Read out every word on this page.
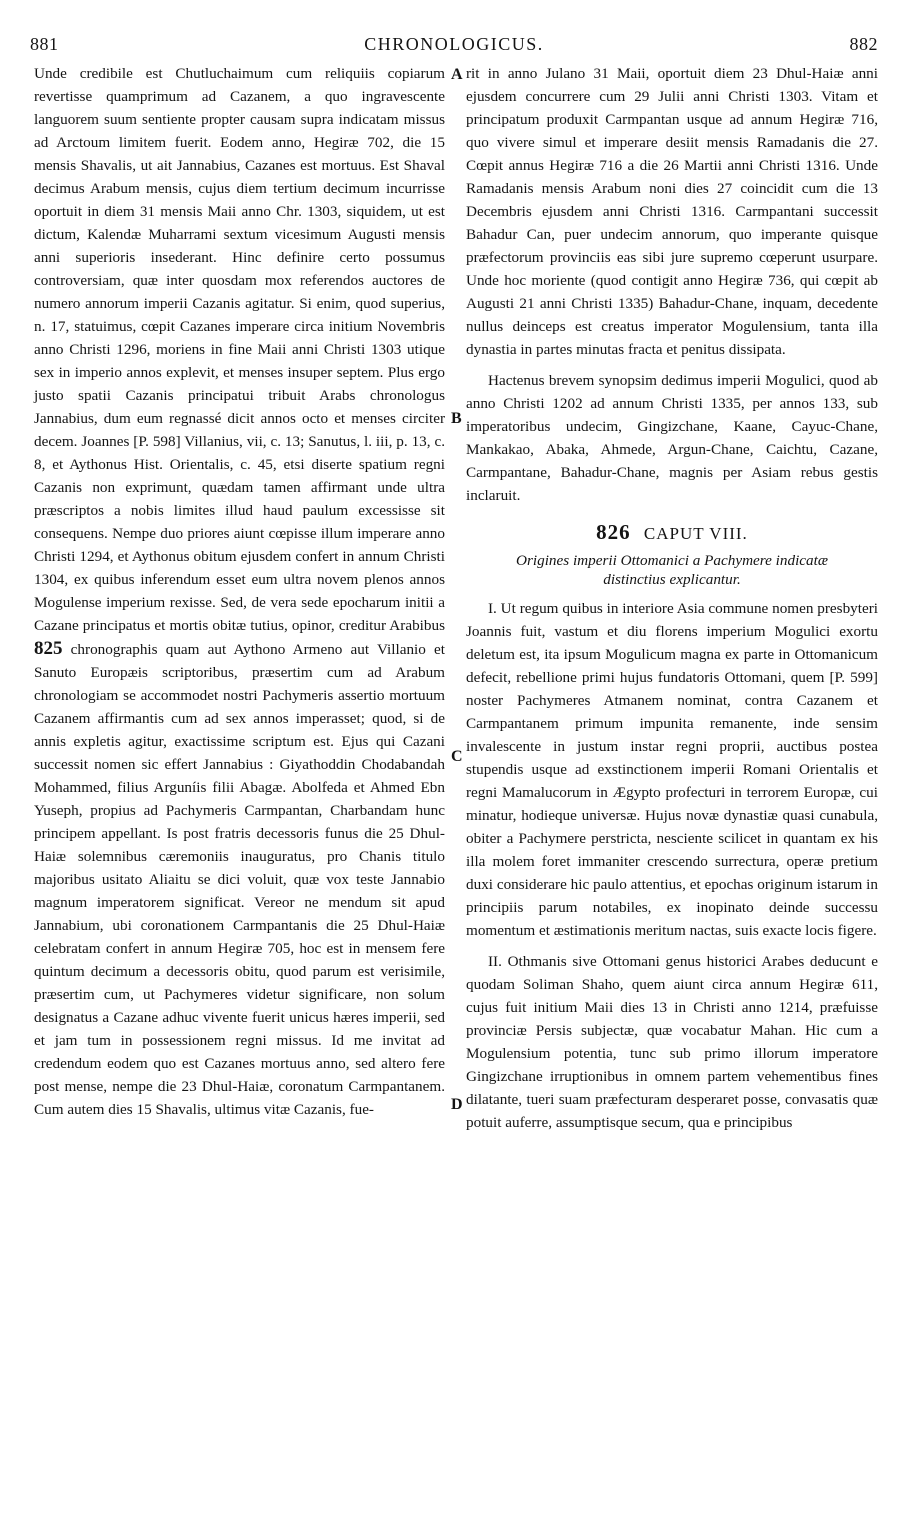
881	CHRONOLOGICUS.	882
A
B
C
D

Unde credibile est Chutluchaimum cum reliquiis copiarum revertisse quamprimum ad Cazanem, a quo ingravescente languorem suum sentiente propter causam supra indicatam missus ad Arctoum limitem fuerit. Eodem anno, Hegiræ 702, die 15 mensis Shavalis, ut ait Jannabius, Cazanes est mortuus. Est Shaval decimus Arabum mensis, cujus diem tertium decimum incurrisse oportuit in diem 31 mensis Maii anno Chr. 1303, siquidem, ut est dictum, Kalendæ Muharrami sextum vicesimum Augusti mensis anni superioris insederant. Hinc definire certo possumus controversiam, quæ inter quosdam mox referendos auctores de numero annorum imperii Cazanis agitatur. Si enim, quod superius, n. 17, statuimus, cœpit Cazanes imperare circa initium Novembris anno Christi 1296, moriens in fine Maii anni Christi 1303 utique sex in imperio annos explevit, et menses insuper septem. Plus ergo justo spatii Cazanis principatui tribuit Arabs chronologus Jannabius, dum eum regnassé dicit annos octo et menses circiter decem. Joannes [P. 598] Villanius, vii, c. 13; Sanutus, l. iii, p. 13, c. 8, et Aythonus Hist. Orientalis, c. 45, etsi diserte spatium regni Cazanis non exprimunt, quædam tamen affirmant unde ultra præscriptos a nobis limites illud haud paulum excessisse sit consequens. Nempe duo priores aiunt cœpisse illum imperare anno Christi 1294, et Aythonus obitum ejusdem confert in annum Christi 1304, ex quibus inferendum esset eum ultra novem plenos annos Mogulense imperium rexisse. Sed, de vera sede epocharum initii a Cazane principatus et mortis obitæ tutius, opinor, creditur Arabibus 825 chronographis quam aut Aythono Armeno aut Villanio et Sanuto Europæis scriptoribus, præsertim cum ad Arabum chronologiam se accommodet nostri Pachymeris assertio mortuum Cazanem affirmantis cum ad sex annos imperasset; quod, si de annis expletis agitur, exactissime scriptum est. Ejus qui Cazani successit nomen sic effert Jannabius : Giyathoddin Chodabandah Mohammed, filius Arguníis filii Abagæ. Abolfeda et Ahmed Ebn Yuseph, propius ad Pachymeris Carmpantan, Charbandam hunc principem appellant. Is post fratris decessoris funus die 25 Dhul-Haiæ solemnibus cæremoniis inauguratus, pro Chanis titulo majoribus usitato Aliaitu se dici voluit, quæ vox teste Jannabio magnum imperatorem significat. Vereor ne mendum sit apud Jannabium, ubi coronationem Carmpantanis die 25 Dhul-Haiæ celebratam confert in annum Hegiræ 705, hoc est in mensem fere quintum decimum a decessoris obitu, quod parum est verisimile, præsertim cum, ut Pachymeres videtur significare, non solum designatus a Cazane adhuc vivente fuerit unicus hæres imperii, sed et jam tum in possessionem regni missus. Id me invitat ad credendum eodem quo est Cazanes mortuus anno, sed altero fere post mense, nempe die 23 Dhul-Haiæ, coronatum Carmpantanem. Cum autem dies 15 Shavalis, ultimus vitæ Cazanis, fue-

rit in anno Julano 31 Maii, oportuit diem 23 Dhul-Haiæ anni ejusdem concurrere cum 29 Julii anni Christi 1303. Vitam et principatum produxit Carmpantan usque ad annum Hegiræ 716, quo vivere simul et imperare desiit mensis Ramadanis die 27. Cœpit annus Hegiræ 716 a die 26 Martii anni Christi 1316. Unde Ramadanis mensis Arabum noni dies 27 coincidit cum die 13 Decembris ejusdem anni Christi 1316. Carmpantani successit Bahadur Can, puer undecim annorum, quo imperante quisque præfectorum provinciis eas sibi jure supremo cœperunt usurpare. Unde hoc moriente (quod contigit anno Hegiræ 736, qui cœpit ab Augusti 21 anni Christi 1335) Bahadur-Chane, inquam, decedente nullus deinceps est creatus imperator Mogulensium, tanta illa dynastia in partes minutas fracta et penitus dissipata.

Hactenus brevem synopsim dedimus imperii Mogulici, quod ab anno Christi 1202 ad annum Christi 1335, per annos 133, sub imperatoribus undecim, Gingizchane, Kaane, Cayuc-Chane, Mankakao, Abaka, Ahmede, Argun-Chane, Caichtu, Cazane, Carmpantane, Bahadur-Chane, magnis per Asiam rebus gestis inclaruit.

826 CAPUT VIII.
Origines imperii Ottomanici a Pachymere indicatæ distinctius explicantur.

I. Ut regum quibus in interiore Asia commune nomen presbyteri Joannis fuit, vastum et diu florens imperium Mogulici exortu deletum est, ita ipsum Mogulicum magna ex parte in Ottomanicum defecit, rebellione primi hujus fundatoris Ottomani, quem [P. 599] noster Pachymeres Atmanem nominat, contra Cazanem et Carmpantanem primum impunita remanente, inde sensim invalescente in justum instar regni proprii, auctibus postea stupendis usque ad exstinctionem imperii Romani Orientalis et regni Mamalucorum in Ægypto profecturi in terrorem Europæ, cui minatur, hodieque universæ. Hujus novæ dynastiæ quasi cunabula, obiter a Pachymere perstricta, nesciente scilicet in quantam ex his illa molem foret immaniter crescendo surrectura, operæ pretium duxi considerare hic paulo attentius, et epochas originum istarum in principiis parum notabiles, ex inopinato deinde successu momentum et æstimationis meritum nactas, suis exacte locis figere.

II. Othmanis sive Ottomani genus historici Arabes deducunt e quodam Soliman Shaho, quem aiunt circa annum Hegiræ 611, cujus fuit initium Maii dies 13 in Christi anno 1214, præfuisse provinciæ Persis subjectæ, quæ vocabatur Mahan. Hic cum a Mogulensium potentia, tunc sub primo illorum imperatore Gingizchane irruptionibus in omnem partem vehementibus fines dilatante, tueri suam præfecturam desperaret posse, convasatis quæ potuit auferre, assumptisque secum, qua e principibus
